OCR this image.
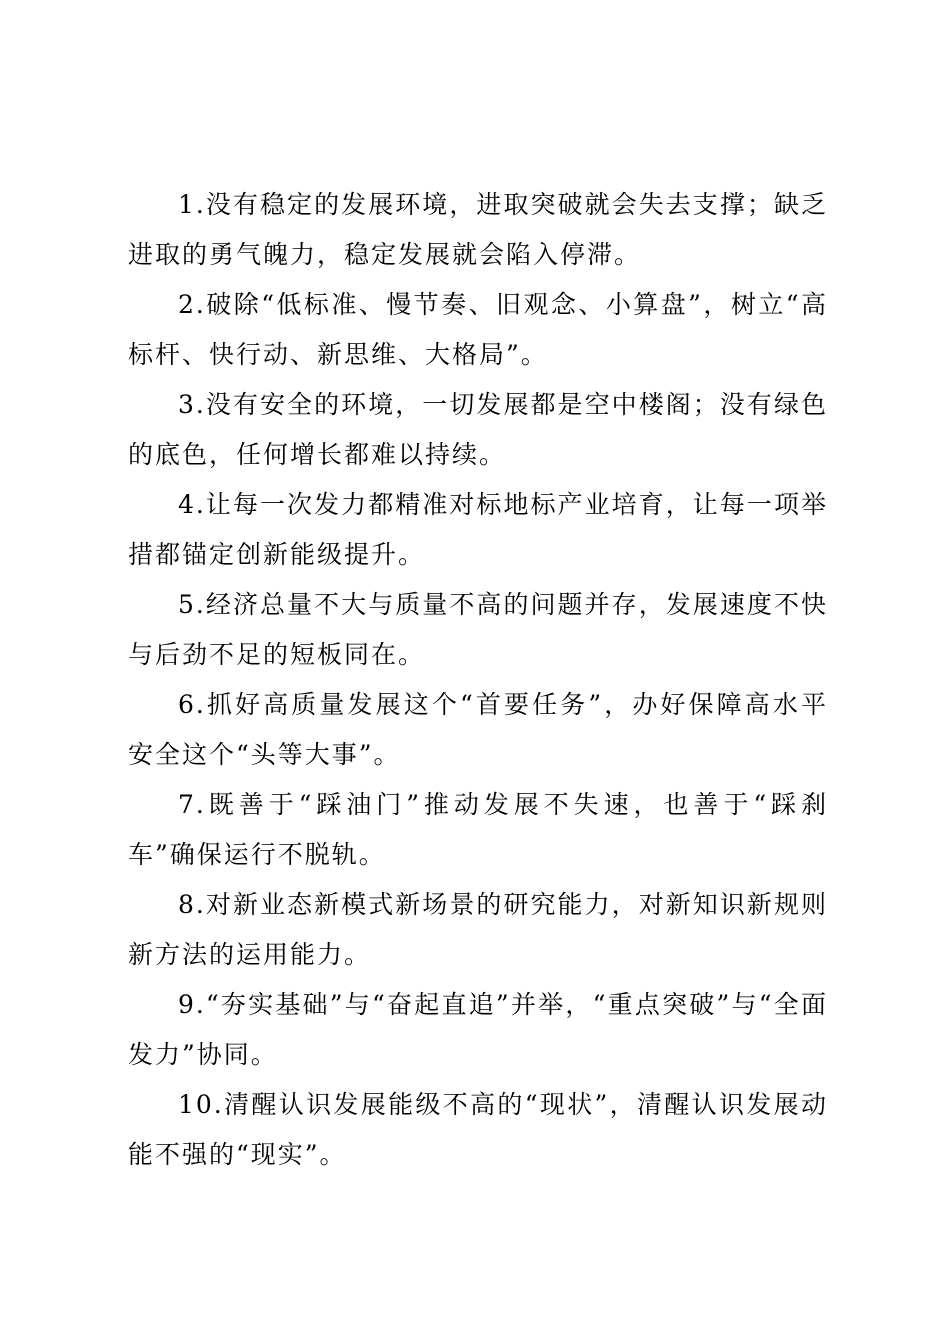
1.没有稳定的发展环境，进取突破就会失去支撑；缺乏进取的勇气魄力，稳定发展就会陷入停滞。

2.破除“低标准、慢节奏、旧观念、小算盘”，树立“高标杆、快行动、新思维、大格局”。

3.没有安全的环境，一切发展都是空中楼阁；没有绿色的底色，任何增长都难以持续。

4.让每一次发力都精准对标地标产业培育，让每一项举措都锚定创新能级提升。

5.经济总量不大与质量不高的问题并存，发展速度不快与后劲不足的短板同在。

6.抓好高质量发展这个“首要任务”，办好保障高水平安全这个“头等大事”。

7.既善于“踩油门”推动发展不失速，也善于“踩刹车”确保运行不脱轨。

8.对新业态新模式新场景的研究能力，对新知识新规则新方法的运用能力。

9.“夯实基础”与“奋起直追”并举，“重点突破”与“全面发力”协同。

10.清醒认识发展能级不高的“现状”，清醒认识发展动能不强的“现实”。
